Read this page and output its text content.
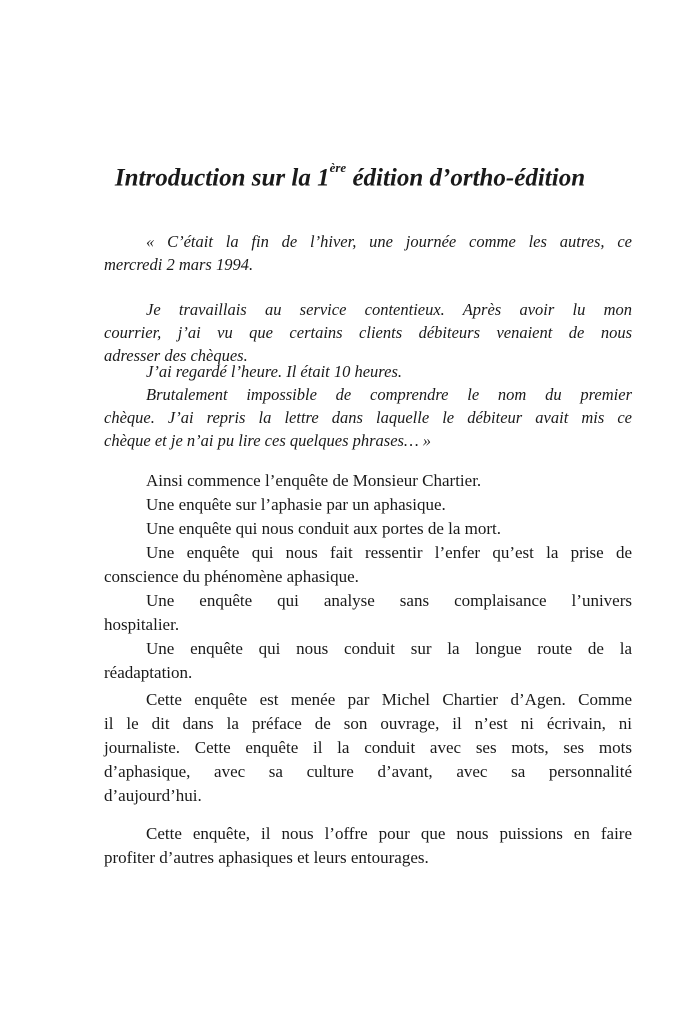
Introduction sur la 1ère édition d’ortho-édition
« C’était la fin de l’hiver, une journée comme les autres, ce
mercredi 2 mars 1994.
Je travaillais au service contentieux. Après avoir lu mon
courrier, j’ai vu que certains clients débiteurs venaient de nous
adresser des chèques.
J’ai regardé l’heure. Il était 10 heures.
Brutalement impossible de comprendre le nom du premier
chèque. J’ai repris la lettre dans laquelle le débiteur avait mis ce
chèque et je n’ai pu lire ces quelques phrases… »
Ainsi commence l’enquête de Monsieur Chartier.
Une enquête sur l’aphasie par un aphasique.
Une enquête qui nous conduit aux portes de la mort.
Une enquête qui nous fait ressentir l’enfer qu’est la prise de
conscience du phénomène aphasique.
Une enquête qui analyse sans complaisance l’univers
hospitalier.
Une enquête qui nous conduit sur la longue route de la
réadaptation.
Cette enquête est menée par Michel Chartier d’Agen. Comme
il le dit dans la préface de son ouvrage, il n’est ni écrivain, ni
journaliste. Cette enquête il la conduit avec ses mots, ses mots
d’aphasique, avec sa culture d’avant, avec sa personnalité
d’aujourd’hui.
Cette enquête, il nous l’offre pour que nous puissions en faire
profiter d’autres aphasiques et leurs entourages.
